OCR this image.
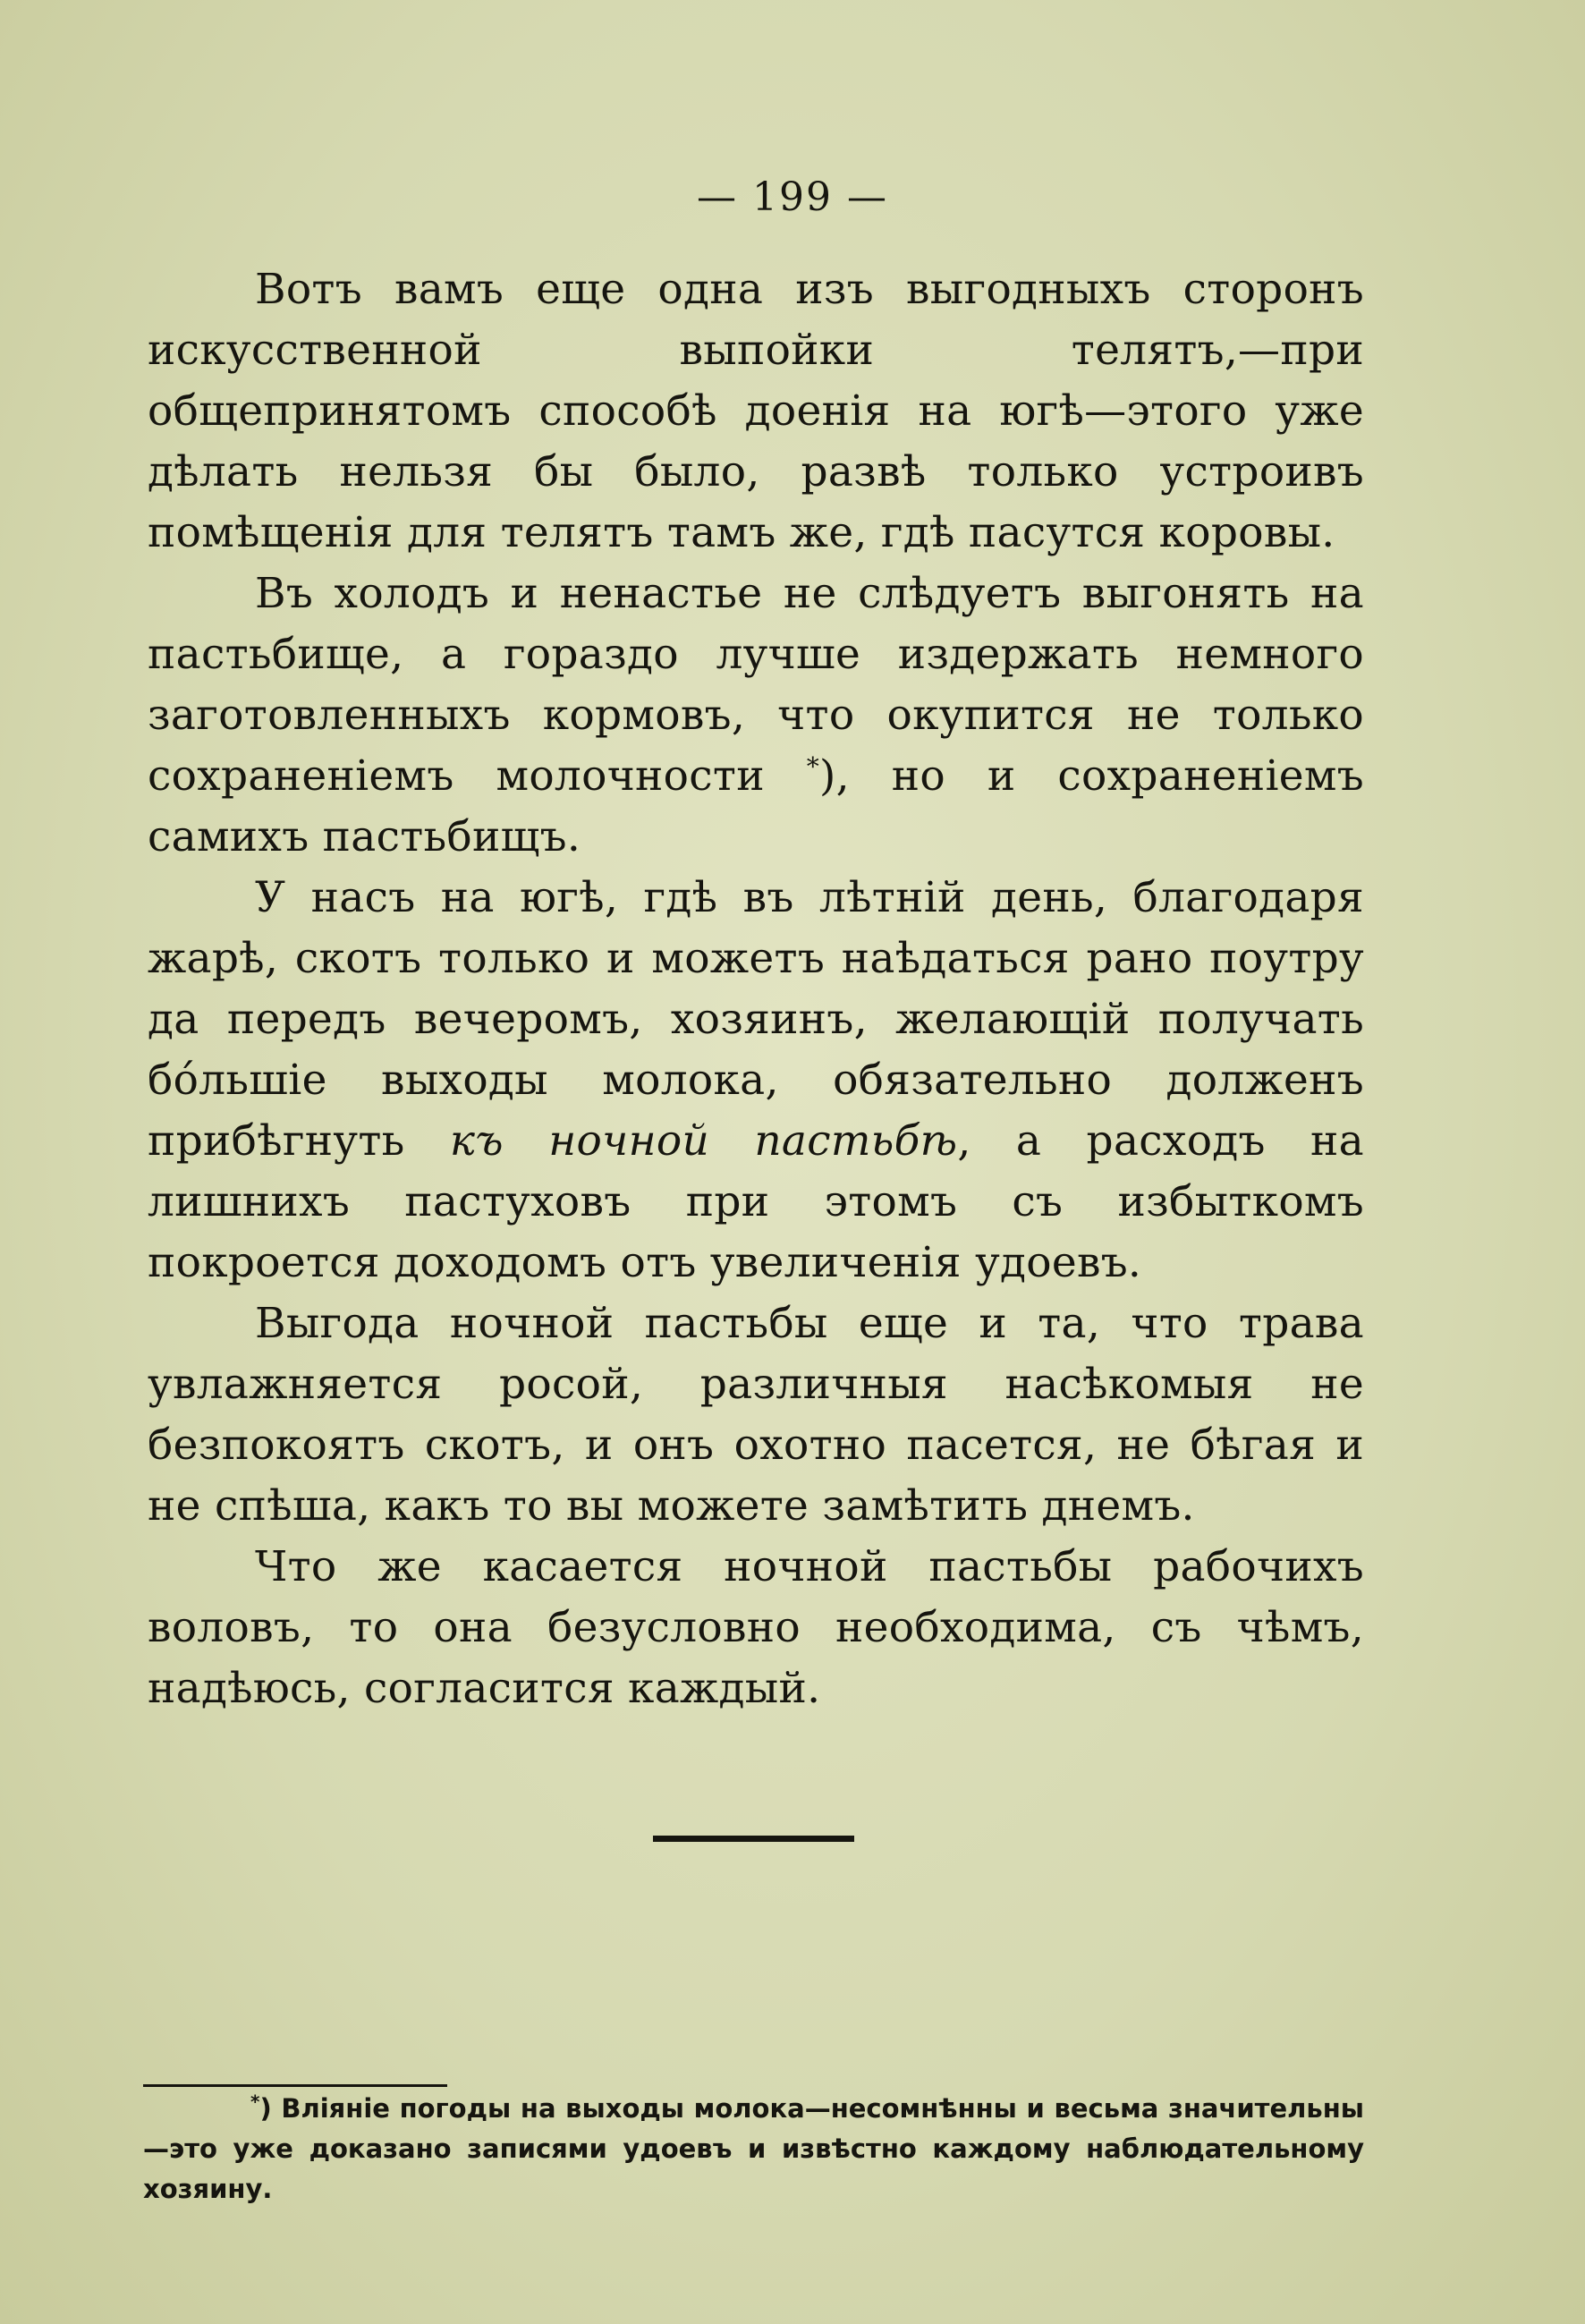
— 199 —

Вотъ вамъ еще одна изъ выгодныхъ сторонъ искусственной выпойки телятъ,—при общепринятомъ способѣ доенія на югѣ—этого уже дѣлать нельзя бы было, развѣ только устроивъ помѣщенія для телятъ тамъ же, гдѣ пасутся коровы.

Въ холодъ и ненастье не слѣдуетъ выгонять на пастьбище, а гораздо лучше издержать немного заготовленныхъ кормовъ, что окупится не только сохраненіемъ молочности *), но и сохраненіемъ самихъ пастьбищъ.

У насъ на югѣ, гдѣ въ лѣтній день, благодаря жарѣ, скотъ только и можетъ наѣдаться рано поутру да передъ вечеромъ, хозяинъ, желающій получать бóльшіе выходы молока, обязательно долженъ прибѣгнуть къ ночной пастьбѣ, а расходъ на лишнихъ пастуховъ при этомъ съ избыткомъ покроется доходомъ отъ увеличенія удоевъ.

Выгода ночной пастьбы еще и та, что трава увлажняется росой, различныя насѣкомыя не безпокоятъ скотъ, и онъ охотно пасется, не бѣгая и не спѣша, какъ то вы можете замѣтить днемъ.

Что же касается ночной пастьбы рабочихъ воловъ, то она безусловно необходима, съ чѣмъ, надѣюсь, согласится каждый.

*) Вліяніе погоды на выходы молока—несомнѣнны и весьма значительны—это уже доказано записями удоевъ и извѣстно каждому наблюдательному хозяину.
